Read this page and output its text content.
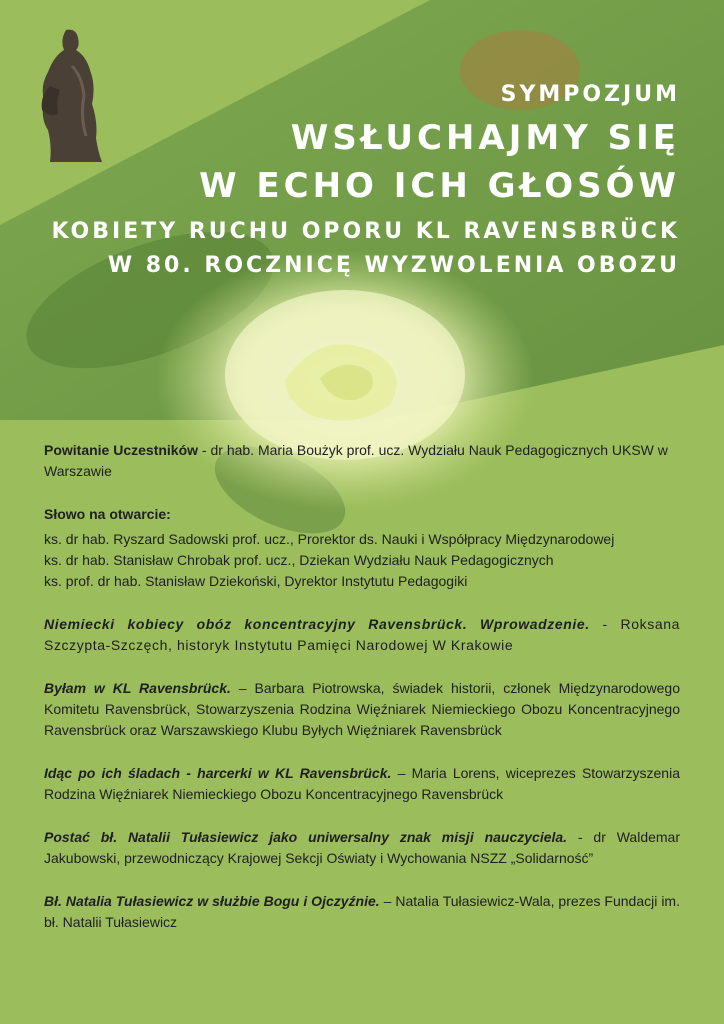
SYMPOZJUM
WSŁUCHAJMY SIĘ
W ECHO ICH GŁOSÓW
KOBIETY RUCHU OPORU KL RAVENSBRÜCK
W 80. ROCZNICĘ WYZWOLENIA OBOZU

Powitanie Uczestników - dr hab. Maria Boużyk prof. ucz. Wydziału Nauk Pedagogicznych UKSW w Warszawie

Słowo na otwarcie:

ks. dr hab. Ryszard Sadowski prof. ucz., Prorektor ds. Nauki i Współpracy Międzynarodowej

ks. dr hab. Stanisław Chrobak prof. ucz., Dziekan Wydziału Nauk Pedagogicznych

ks. prof. dr hab. Stanisław Dziekoński, Dyrektor Instytutu Pedagogiki

Niemiecki kobiecy obóz koncentracyjny Ravensbrück. Wprowadzenie. - Roksana Szczypta-Szczęch, historyk Instytutu Pamięci Narodowej W Krakowie

Byłam w KL Ravensbrück. – Barbara Piotrowska, świadek historii, członek Międzynarodowego Komitetu Ravensbrück, Stowarzyszenia Rodzina Więźniarek Niemieckiego Obozu Koncentracyjnego Ravensbrück oraz Warszawskiego Klubu Byłych Więźniarek Ravensbrück

Idąc po ich śladach - harcerki w KL Ravensbrück. – Maria Lorens, wiceprezes Stowarzyszenia Rodzina Więźniarek Niemieckiego Obozu Koncentracyjnego Ravensbrück

Postać bł. Natalii Tułasiewicz jako uniwersalny znak misji nauczyciela. - dr Waldemar Jakubowski, przewodniczący Krajowej Sekcji Oświaty i Wychowania NSZZ „Solidarność”

Bł. Natalia Tułasiewicz w służbie Bogu i Ojczyźnie. – Natalia Tułasiewicz-Wala, prezes Fundacji im. bł. Natalii Tułasiewicz
